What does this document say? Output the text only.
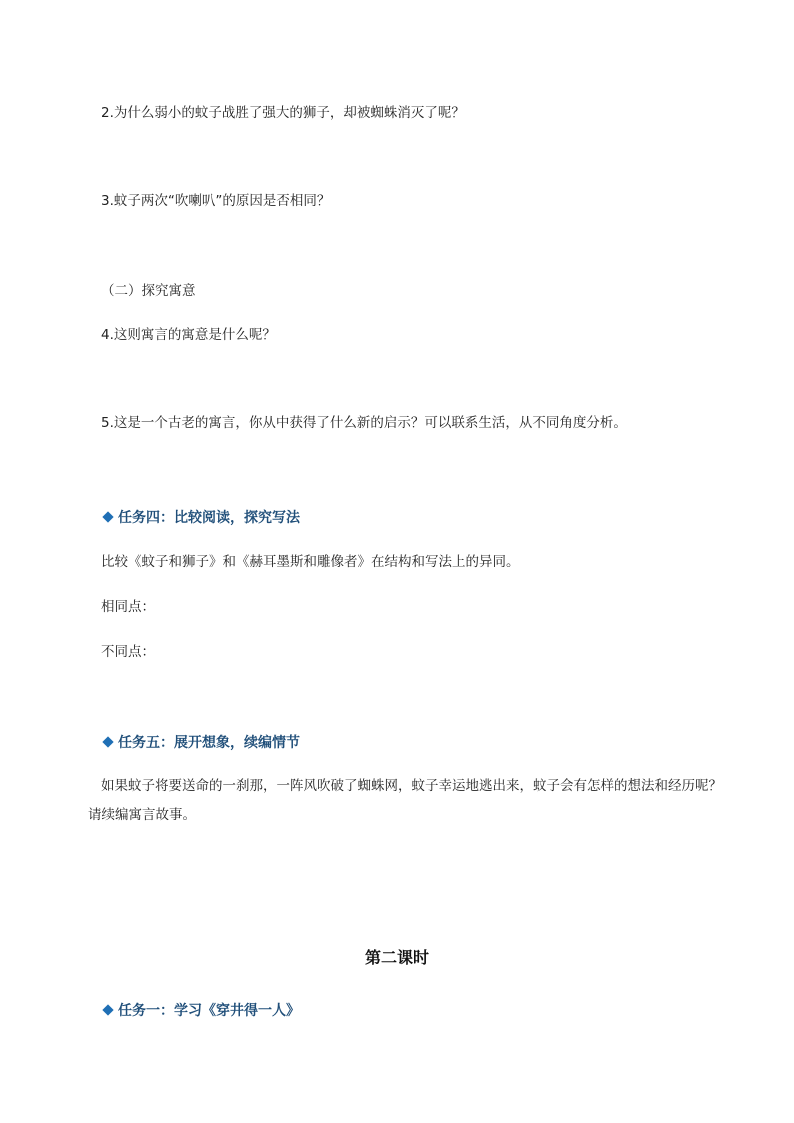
2.为什么弱小的蚊子战胜了强大的狮子，却被蜘蛛消灭了呢？
3.蚊子两次“吹喇叭”的原因是否相同？
（二）探究寓意
4.这则寓言的寓意是什么呢？
5.这是一个古老的寓言，你从中获得了什么新的启示？可以联系生活，从不同角度分析。
任务四：比较阅读，探究写法
比较《蚊子和狮子》和《赫耳墨斯和雕像者》在结构和写法上的异同。
相同点：
不同点：
任务五：展开想象，续编情节
如果蚊子将要送命的一刹那，一阵风吹破了蜘蛛网，蚊子幸运地逃出来，蚊子会有怎样的想法和经历呢？请续编寓言故事。
第二课时
任务一：学习《穿井得一人》
